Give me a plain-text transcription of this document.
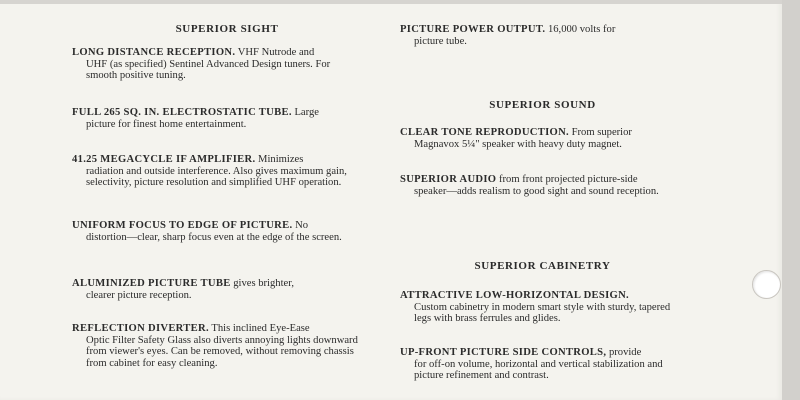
SUPERIOR SIGHT
LONG DISTANCE RECEPTION. VHF Nutrode and
UHF (as specified) Sentinel Advanced Design tuners. For smooth positive tuning.
FULL 265 SQ. IN. ELECTROSTATIC TUBE. Large
picture for finest home entertainment.
41.25 MEGACYCLE IF AMPLIFIER. Minimizes
radiation and outside interference. Also gives maximum gain, selectivity, picture resolution and simplified UHF operation.
UNIFORM FOCUS TO EDGE OF PICTURE. No
distortion—clear, sharp focus even at the edge of the screen.
ALUMINIZED PICTURE TUBE gives brighter,
clearer picture reception.
REFLECTION DIVERTER. This inclined Eye-Ease
Optic Filter Safety Glass also diverts annoying lights downward from viewer's eyes. Can be removed, without removing chassis from cabinet for easy cleaning.
PICTURE POWER OUTPUT. 16,000 volts for
picture tube.
SUPERIOR SOUND
CLEAR TONE REPRODUCTION. From superior
Magnavox 5¼" speaker with heavy duty magnet.
SUPERIOR AUDIO from front projected picture-side
speaker—adds realism to good sight and sound reception.
SUPERIOR CABINETRY
ATTRACTIVE LOW-HORIZONTAL DESIGN.
Custom cabinetry in modern smart style with sturdy, tapered legs with brass ferrules and glides.
UP-FRONT PICTURE SIDE CONTROLS, provide
for off-on volume, horizontal and vertical stabilization and picture refinement and contrast.
